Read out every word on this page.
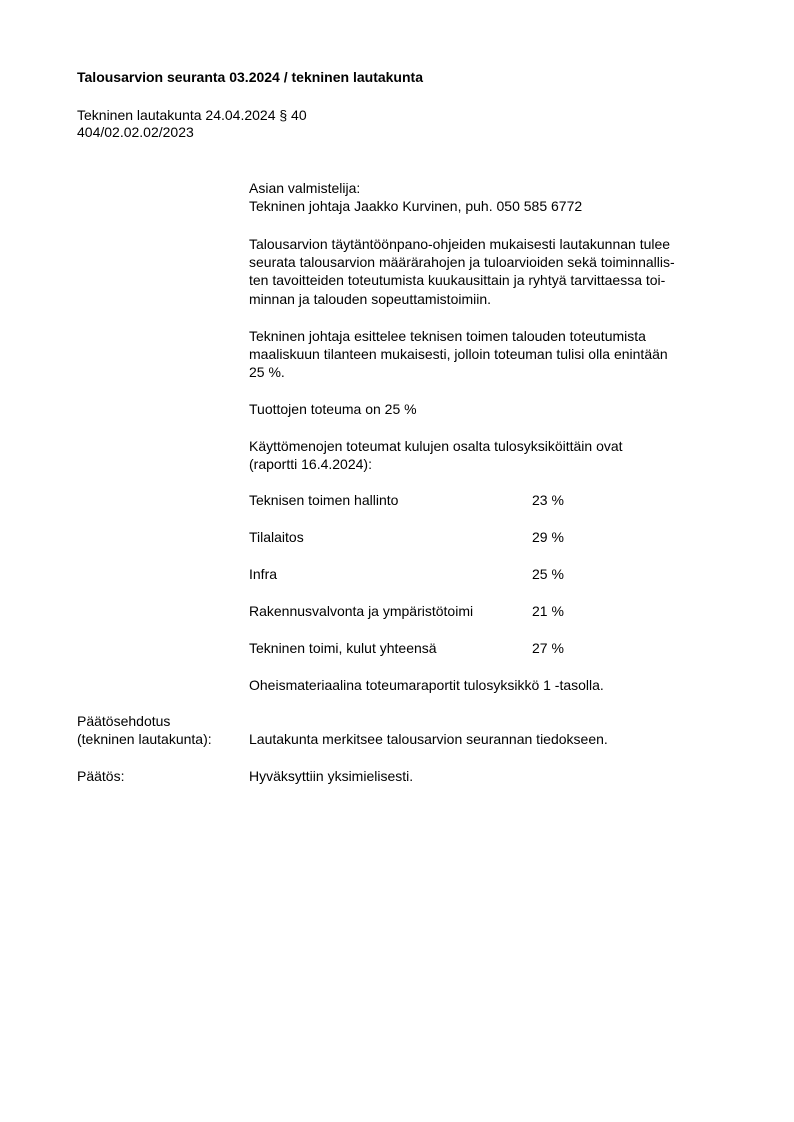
Talousarvion seuranta 03.2024 / tekninen lautakunta
Tekninen lautakunta 24.04.2024 § 40
404/02.02.02/2023
Asian valmistelija:
Tekninen johtaja Jaakko Kurvinen, puh. 050 585 6772
Talousarvion täytäntöönpano-ohjeiden mukaisesti lautakunnan tulee
seurata talousarvion määrärahojen ja tuloarvioiden sekä toiminnallis-
ten tavoitteiden toteutumista kuukausittain ja ryhtyä tarvittaessa toi-
minnan ja talouden sopeuttamistoimiin.
Tekninen johtaja esittelee teknisen toimen talouden toteutumista
maaliskuun tilanteen mukaisesti, jolloin toteuman tulisi olla enintään
25 %.
Tuottojen toteuma on 25 %
Käyttömenojen toteumat kulujen osalta tulosyksiköittäin ovat
(raportti 16.4.2024):
Teknisen toimen hallinto	23 %
Tilalaitos	29 %
Infra	25 %
Rakennusvalvonta ja ympäristötoimi	21 %
Tekninen toimi, kulut yhteensä	27 %
Oheismateriaalina toteumaraportit tulosyksikkö 1 -tasolla.
Päätösehdotus
(tekninen lautakunta):	Lautakunta merkitsee talousarvion seurannan tiedokseen.
Päätös:	Hyväksyttiin yksimielisesti.
